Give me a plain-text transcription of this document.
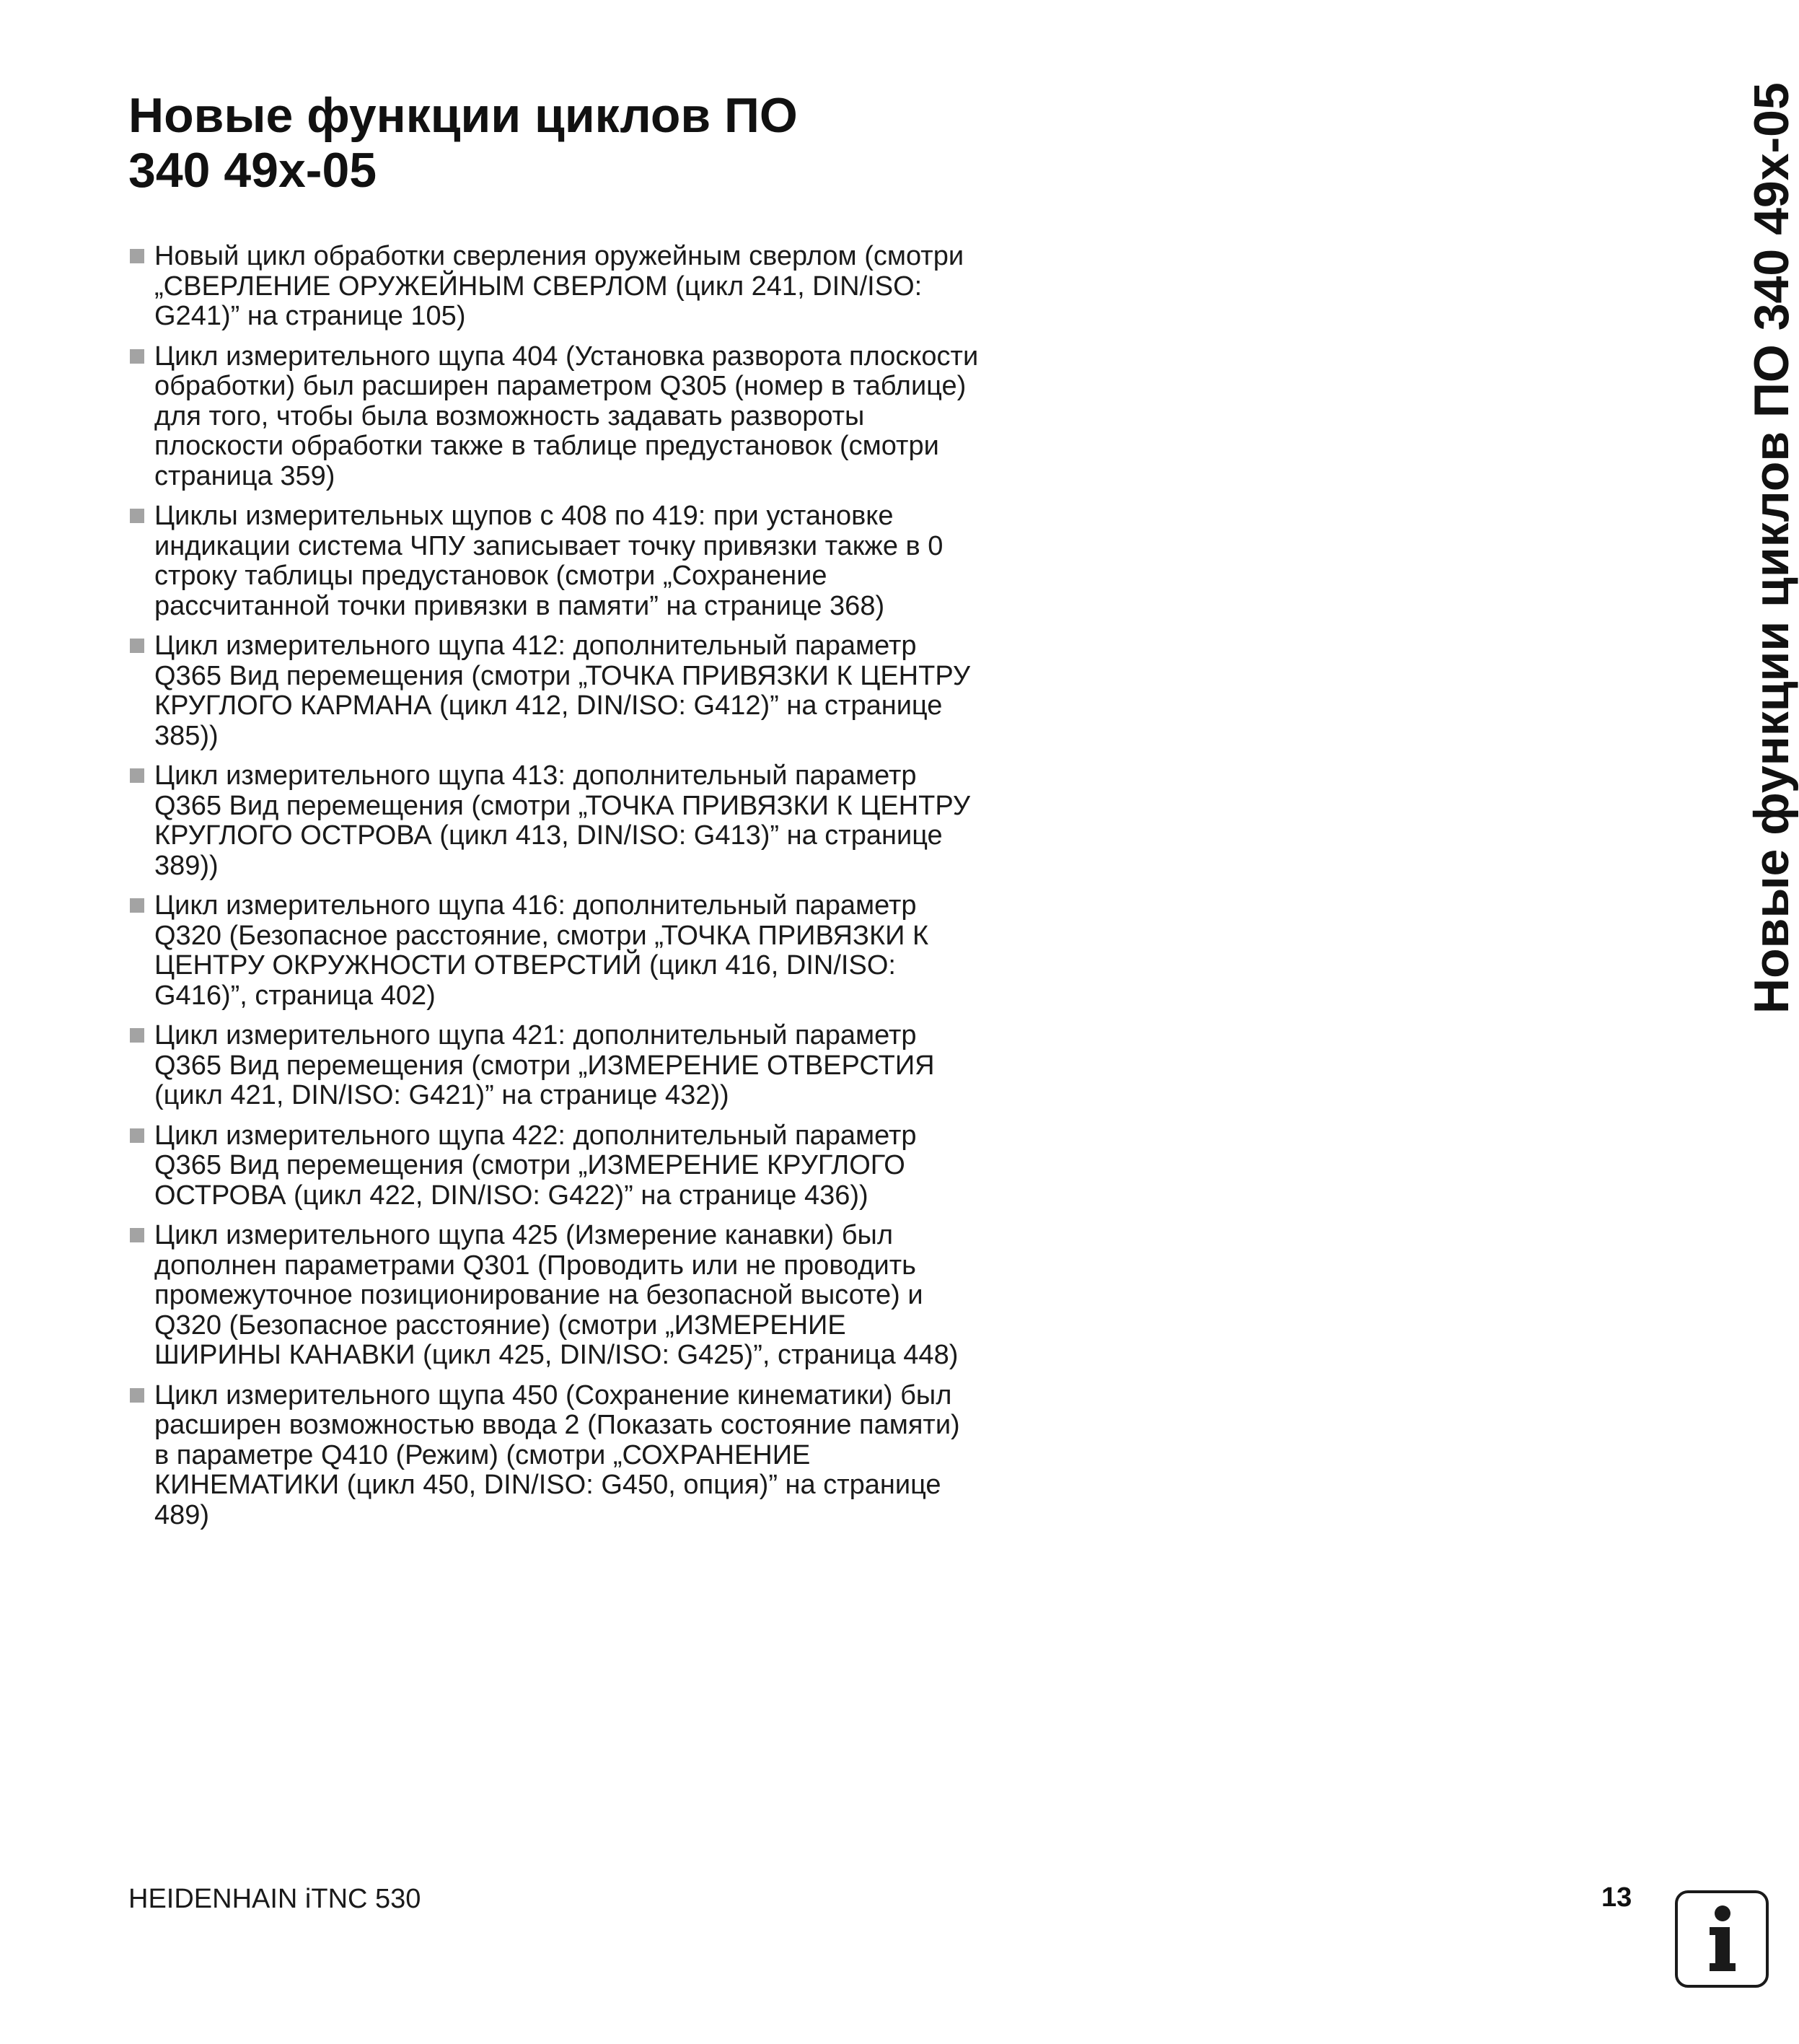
Новые функции циклов ПО
340 49x-05
Новый цикл обработки сверления оружейным сверлом (смотри „СВЕРЛЕНИЕ ОРУЖЕЙНЫМ СВЕРЛОМ (цикл 241, DIN/ISO: G241)” на странице 105)
Цикл измерительного щупа 404 (Установка разворота плоскости обработки) был расширен параметром Q305 (номер в таблице) для того, чтобы была возможность задавать развороты плоскости обработки также в таблице предустановок (смотри страница 359)
Циклы измерительных щупов с 408 по 419: при установке индикации система ЧПУ записывает точку привязки также в 0 строку таблицы предустановок (смотри „Сохранение рассчитанной точки привязки в памяти” на странице 368)
Цикл измерительного щупа 412: дополнительный параметр Q365 Вид перемещения (смотри „ТОЧКА ПРИВЯЗКИ К ЦЕНТРУ КРУГЛОГО КАРМАНА (цикл 412, DIN/ISO: G412)” на странице 385))
Цикл измерительного щупа 413: дополнительный параметр Q365 Вид перемещения (смотри „ТОЧКА ПРИВЯЗКИ К ЦЕНТРУ КРУГЛОГО ОСТРОВА (цикл 413, DIN/ISO: G413)” на странице 389))
Цикл измерительного щупа 416: дополнительный параметр Q320 (Безопасное расстояние, смотри „ТОЧКА ПРИВЯЗКИ К ЦЕНТРУ ОКРУЖНОСТИ ОТВЕРСТИЙ (цикл 416, DIN/ISO: G416)”, страница 402)
Цикл измерительного щупа 421: дополнительный параметр Q365 Вид перемещения (смотри „ИЗМЕРЕНИЕ ОТВЕРСТИЯ (цикл 421, DIN/ISO: G421)” на странице 432))
Цикл измерительного щупа 422: дополнительный параметр Q365 Вид перемещения (смотри „ИЗМЕРЕНИЕ КРУГЛОГО ОСТРОВА (цикл 422, DIN/ISO: G422)” на странице 436))
Цикл измерительного щупа 425 (Измерение канавки) был дополнен параметрами Q301 (Проводить или не проводить промежуточное позиционирование на безопасной высоте) и Q320 (Безопасное расстояние) (смотри „ИЗМЕРЕНИЕ ШИРИНЫ КАНАВКИ (цикл 425, DIN/ISO: G425)”, страница 448)
Цикл измерительного щупа 450 (Сохранение кинематики) был расширен возможностью ввода 2 (Показать состояние памяти) в параметре Q410 (Режим) (смотри „СОХРАНЕНИЕ КИНЕМАТИКИ (цикл 450, DIN/ISO: G450, опция)” на странице 489)
Новые функции циклов ПО 340 49x-05
HEIDENHAIN iTNC 530	13
